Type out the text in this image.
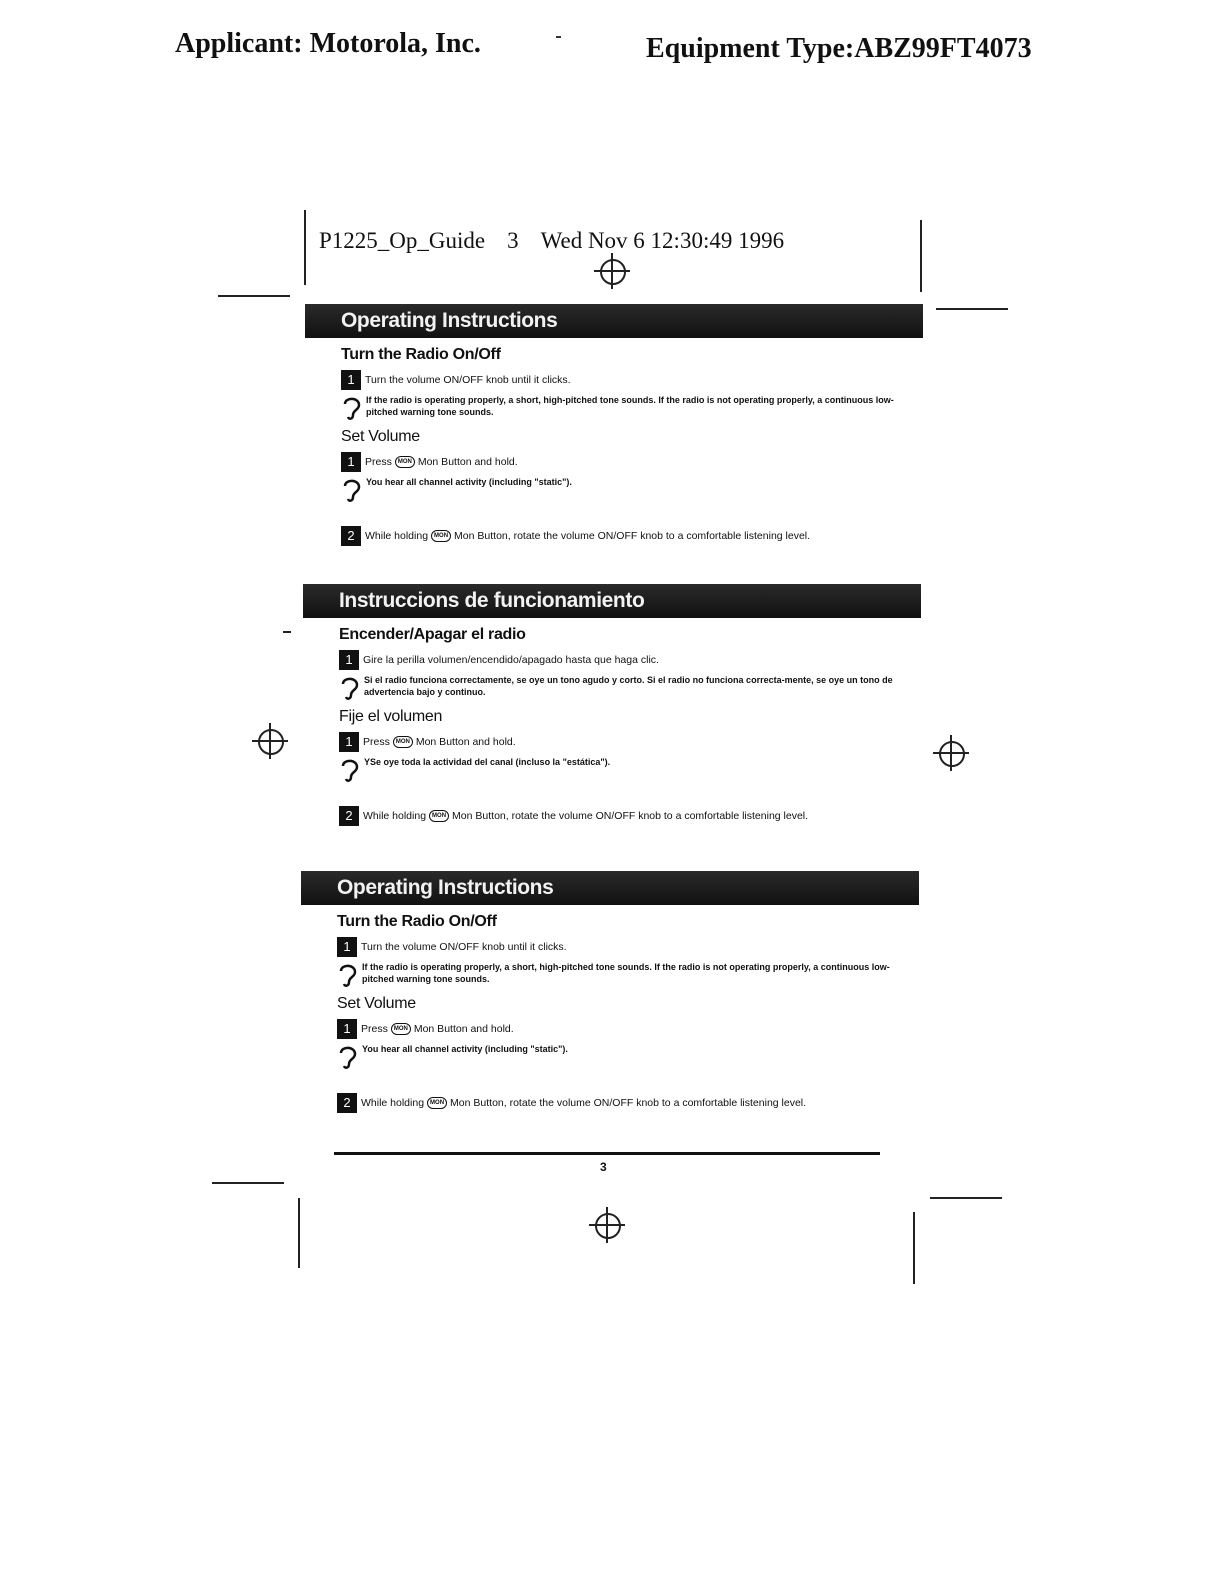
Applicant: Motorola, Inc.	Equipment Type:ABZ99FT4073
P1225_Op_Guide 3 Wed Nov 6 12:30:49 1996
Operating Instructions
Turn the Radio On/Off
1 Turn the volume ON/OFF knob until it clicks.
If the radio is operating properly, a short, high-pitched tone sounds. If the radio is not operating properly, a continuous low-pitched warning tone sounds.
Set Volume
1 Press	MON Mon Button and hold.
You hear all channel activity (including "static").
2 While holding	MON Mon Button, rotate the volume ON/OFF knob to a comfortable listening level.
Instruccions de funcionamiento
Encender/Apagar el radio
1 Gire la perilla volumen/encendido/apagado hasta que haga clic.
Si el radio funciona correctamente, se oye un tono agudo y corto. Si el radio no funciona correcta-mente, se oye un tono de advertencia bajo y continuo.
Fije el volumen
1 Press	MON Mon Button and hold.
YSe oye toda la actividad del canal (incluso la "estática").
2 While holding	MON Mon Button, rotate the volume ON/OFF knob to a comfortable listening level.
Operating Instructions
Turn the Radio On/Off
1 Turn the volume ON/OFF knob until it clicks.
If the radio is operating properly, a short, high-pitched tone sounds. If the radio is not operating properly, a continuous low-pitched warning tone sounds.
Set Volume
1 Press	MON Mon Button and hold.
You hear all channel activity (including "static").
2 While holding	MON Mon Button, rotate the volume ON/OFF knob to a comfortable listening level.
3
